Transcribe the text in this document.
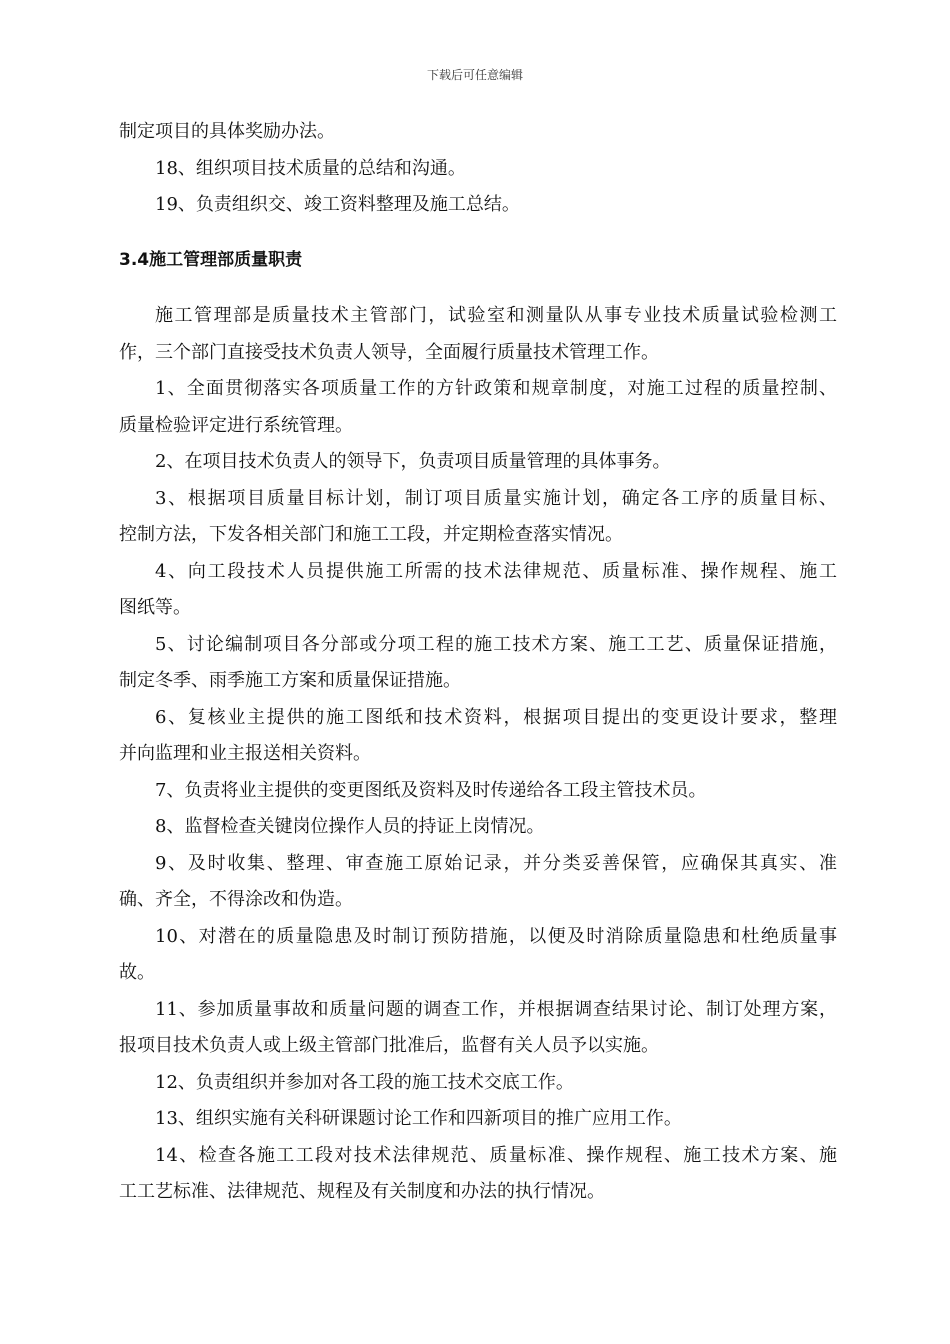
下载后可任意编辑
制定项目的具体奖励办法。
18、组织项目技术质量的总结和沟通。
19、负责组织交、竣工资料整理及施工总结。
3.4施工管理部质量职责
施工管理部是质量技术主管部门，试验室和测量队从事专业技术质量试验检测工
作，三个部门直接受技术负责人领导，全面履行质量技术管理工作。
1、全面贯彻落实各项质量工作的方针政策和规章制度，对施工过程的质量控制、
质量检验评定进行系统管理。
2、在项目技术负责人的领导下，负责项目质量管理的具体事务。
3、根据项目质量目标计划，制订项目质量实施计划，确定各工序的质量目标、
控制方法，下发各相关部门和施工工段，并定期检查落实情况。
4、向工段技术人员提供施工所需的技术法律规范、质量标准、操作规程、施工
图纸等。
5、讨论编制项目各分部或分项工程的施工技术方案、施工工艺、质量保证措施，
制定冬季、雨季施工方案和质量保证措施。
6、复核业主提供的施工图纸和技术资料，根据项目提出的变更设计要求，整理
并向监理和业主报送相关资料。
7、负责将业主提供的变更图纸及资料及时传递给各工段主管技术员。
8、监督检查关键岗位操作人员的持证上岗情况。
9、及时收集、整理、审查施工原始记录，并分类妥善保管，应确保其真实、准
确、齐全，不得涂改和伪造。
10、对潜在的质量隐患及时制订预防措施，以便及时消除质量隐患和杜绝质量事
故。
11、参加质量事故和质量问题的调查工作，并根据调查结果讨论、制订处理方案，
报项目技术负责人或上级主管部门批准后，监督有关人员予以实施。
12、负责组织并参加对各工段的施工技术交底工作。
13、组织实施有关科研课题讨论工作和四新项目的推广应用工作。
14、检查各施工工段对技术法律规范、质量标准、操作规程、施工技术方案、施
工工艺标准、法律规范、规程及有关制度和办法的执行情况。
